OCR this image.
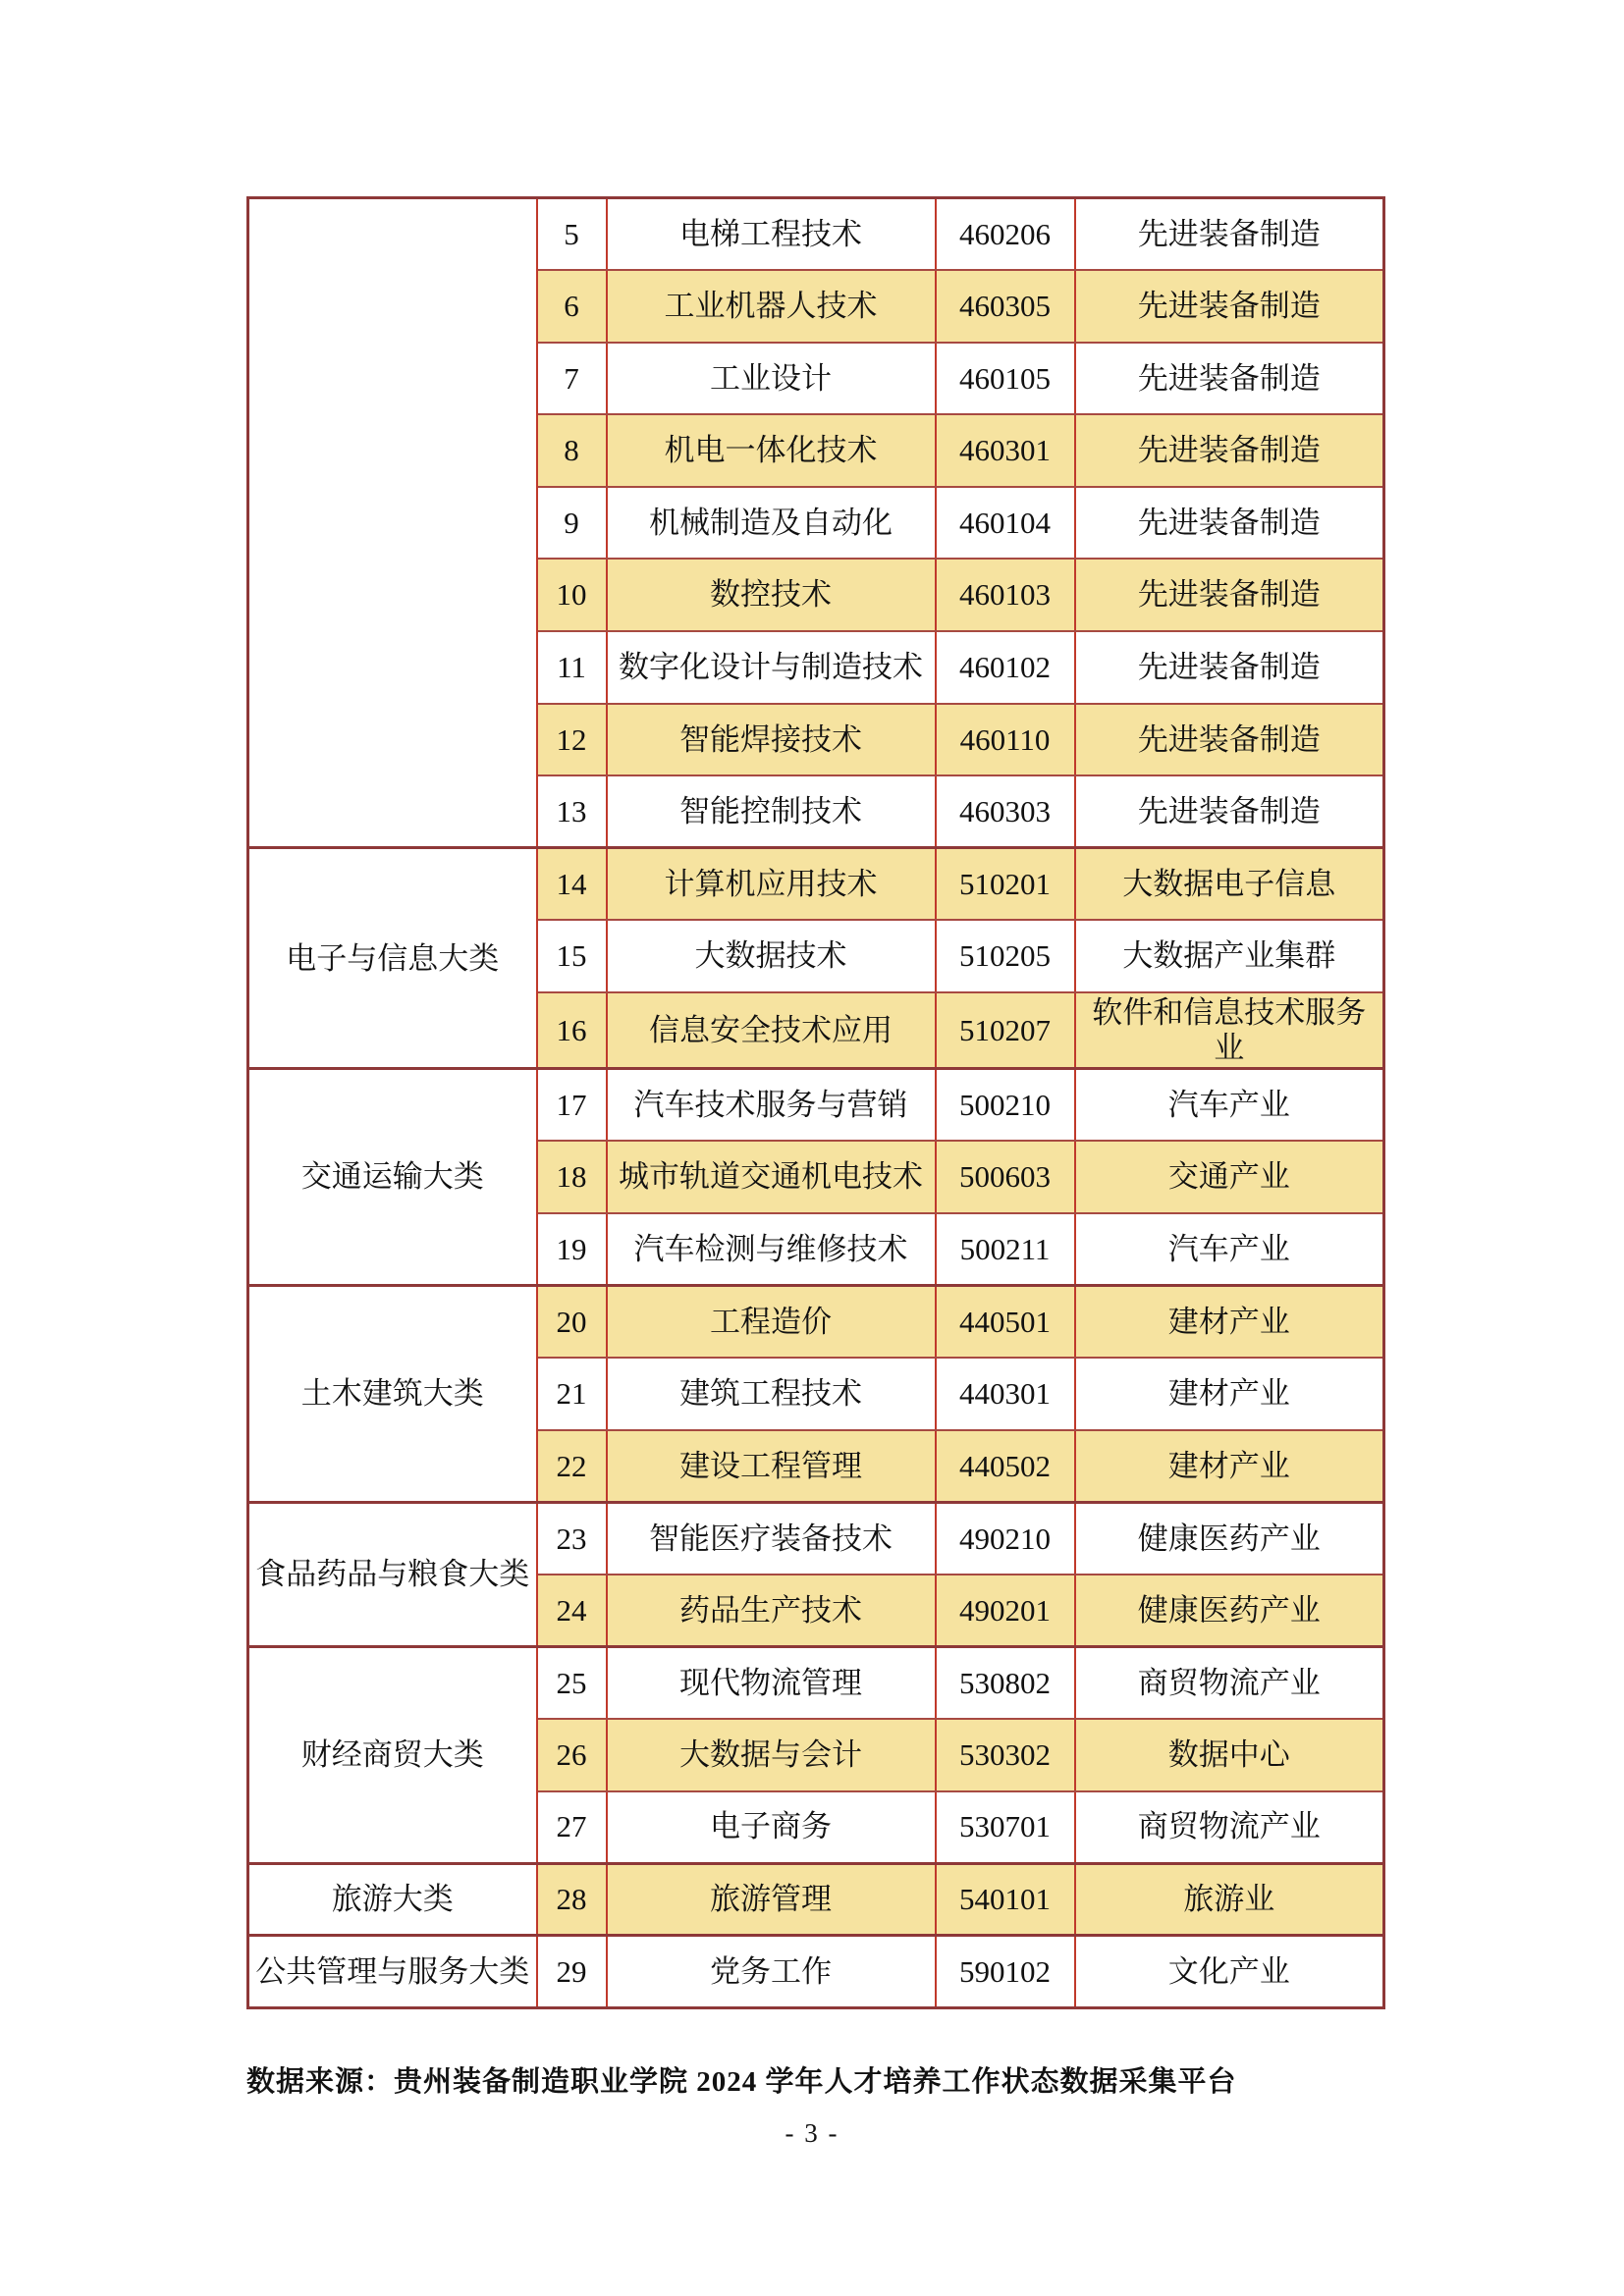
	5	电梯工程技术	460206	先进装备制造
	6	工业机器人技术	460305	先进装备制造
	7	工业设计	460105	先进装备制造
	8	机电一体化技术	460301	先进装备制造
	9	机械制造及自动化	460104	先进装备制造
	10	数控技术	460103	先进装备制造
	11	数字化设计与制造技术	460102	先进装备制造
	12	智能焊接技术	460110	先进装备制造
	13	智能控制技术	460303	先进装备制造
电子与信息大类	14	计算机应用技术	510201	大数据电子信息
	15	大数据技术	510205	大数据产业集群
	16	信息安全技术应用	510207	软件和信息技术服务业
交通运输大类	17	汽车技术服务与营销	500210	汽车产业
	18	城市轨道交通机电技术	500603	交通产业
	19	汽车检测与维修技术	500211	汽车产业
土木建筑大类	20	工程造价	440501	建材产业
	21	建筑工程技术	440301	建材产业
	22	建设工程管理	440502	建材产业
食品药品与粮食大类	23	智能医疗装备技术	490210	健康医药产业
	24	药品生产技术	490201	健康医药产业
财经商贸大类	25	现代物流管理	530802	商贸物流产业
	26	大数据与会计	530302	数据中心
	27	电子商务	530701	商贸物流产业
旅游大类	28	旅游管理	540101	旅游业
公共管理与服务大类	29	党务工作	590102	文化产业
数据来源：贵州装备制造职业学院 2024 学年人才培养工作状态数据采集平台
- 3 -
